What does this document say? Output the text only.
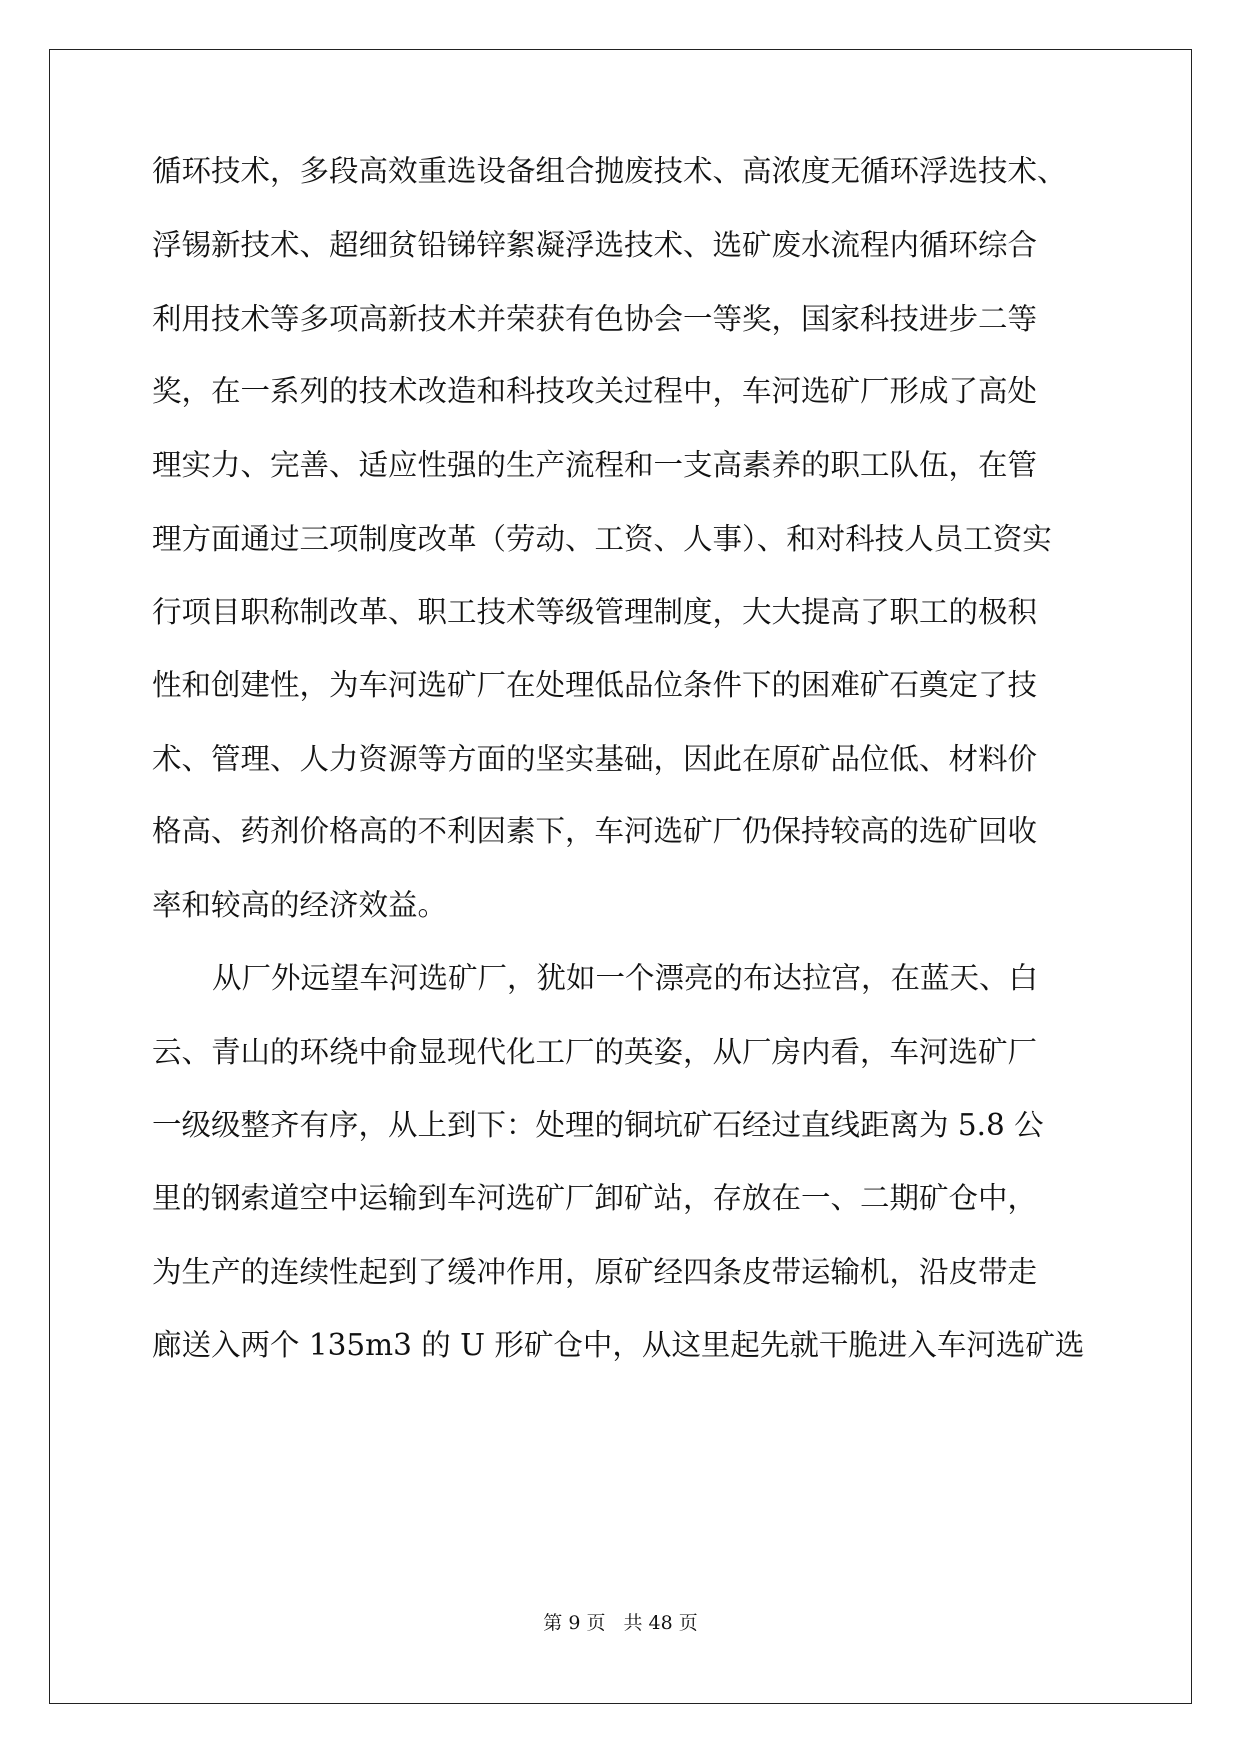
循环技术，多段高效重选设备组合抛废技术、高浓度无循环浮选技术、
浮锡新技术、超细贫铅锑锌絮凝浮选技术、选矿废水流程内循环综合
利用技术等多项高新技术并荣获有色协会一等奖，国家科技进步二等
奖，在一系列的技术改造和科技攻关过程中，车河选矿厂形成了高处
理实力、完善、适应性强的生产流程和一支高素养的职工队伍，在管
理方面通过三项制度改革（劳动、工资、人事）、和对科技人员工资实
行项目职称制改革、职工技术等级管理制度，大大提高了职工的极积
性和创建性，为车河选矿厂在处理低品位条件下的困难矿石奠定了技
术、管理、人力资源等方面的坚实基础，因此在原矿品位低、材料价
格高、药剂价格高的不利因素下，车河选矿厂仍保持较高的选矿回收
率和较高的经济效益。
从厂外远望车河选矿厂，犹如一个漂亮的布达拉宫，在蓝天、白
云、青山的环绕中俞显现代化工厂的英姿，从厂房内看，车河选矿厂
一级级整齐有序，从上到下：处理的铜坑矿石经过直线距离为 5.8 公
里的钢索道空中运输到车河选矿厂卸矿站，存放在一、二期矿仓中，
为生产的连续性起到了缓冲作用，原矿经四条皮带运输机，沿皮带走
廊送入两个 135m3 的 U 形矿仓中，从这里起先就干脆进入车河选矿选
第 9 页 共 48 页
